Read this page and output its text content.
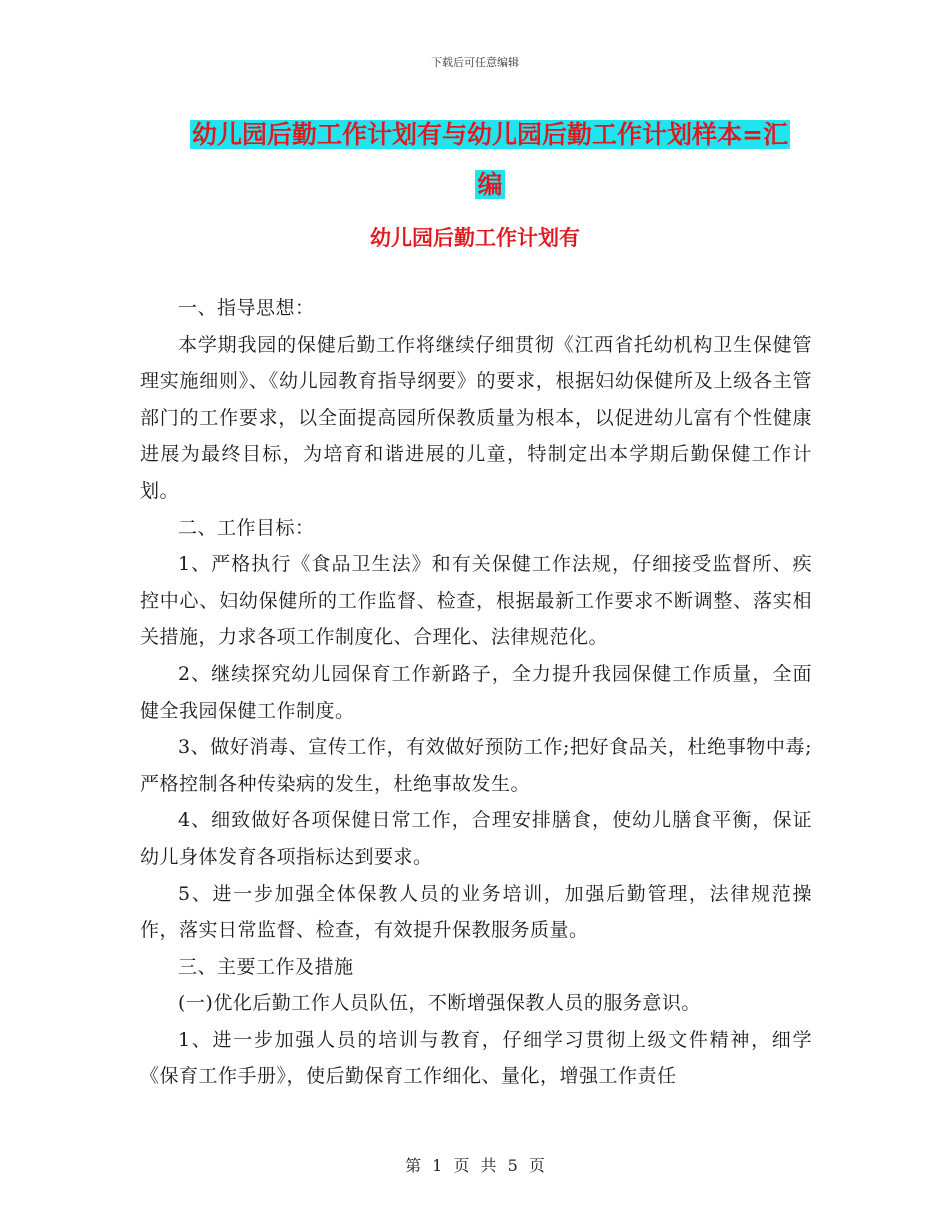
下载后可任意编辑
幼儿园后勤工作计划有与幼儿园后勤工作计划样本=汇
编
幼儿园后勤工作计划有

一、指导思想：

本学期我园的保健后勤工作将继续仔细贯彻《江西省托幼机构卫生保健管理实施细则》、《幼儿园教育指导纲要》的要求，根据妇幼保健所及上级各主管部门的工作要求，以全面提高园所保教质量为根本，以促进幼儿富有个性健康进展为最终目标，为培育和谐进展的儿童，特制定出本学期后勤保健工作计划。

二、工作目标：

1、严格执行《食品卫生法》和有关保健工作法规，仔细接受监督所、疾控中心、妇幼保健所的工作监督、检查，根据最新工作要求不断调整、落实相关措施，力求各项工作制度化、合理化、法律规范化。

2、继续探究幼儿园保育工作新路子，全力提升我园保健工作质量，全面健全我园保健工作制度。

3、做好消毒、宣传工作，有效做好预防工作;把好食品关，杜绝事物中毒;严格控制各种传染病的发生，杜绝事故发生。

4、细致做好各项保健日常工作，合理安排膳食，使幼儿膳食平衡，保证幼儿身体发育各项指标达到要求。

5、进一步加强全体保教人员的业务培训，加强后勤管理，法律规范操作，落实日常监督、检查，有效提升保教服务质量。

三、主要工作及措施

(一)优化后勤工作人员队伍，不断增强保教人员的服务意识。

1、进一步加强人员的培训与教育，仔细学习贯彻上级文件精神，细学《保育工作手册》，使后勤保育工作细化、量化，增强工作责任

第 1 页 共 5 页
